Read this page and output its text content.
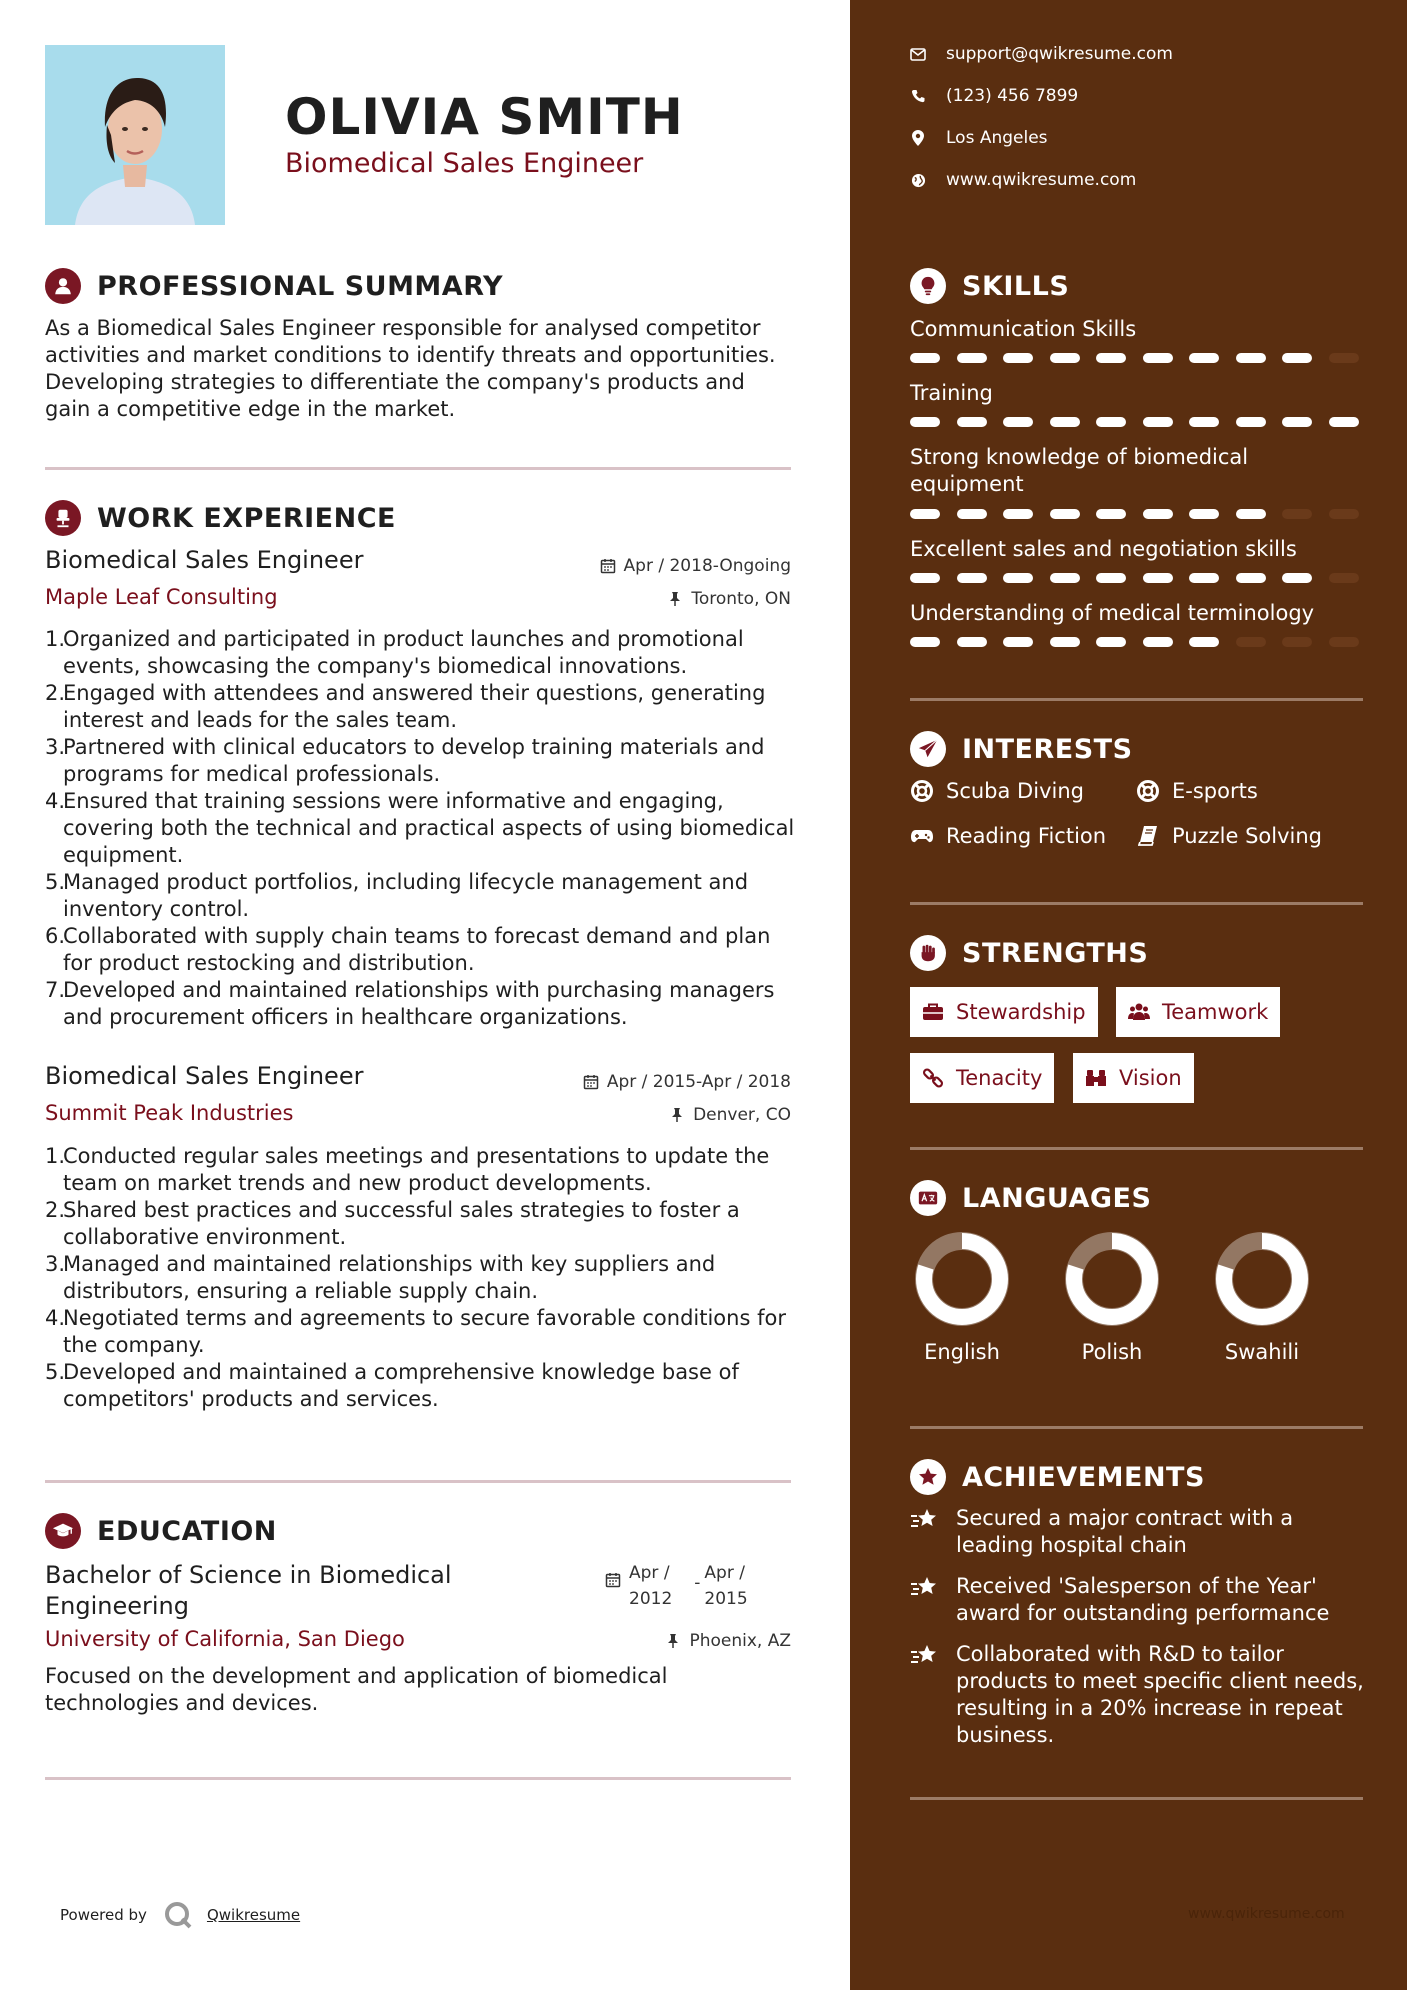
OLIVIA SMITH
Biomedical Sales Engineer
PROFESSIONAL SUMMARY
As a Biomedical Sales Engineer responsible for analysed competitor activities and market conditions to identify threats and opportunities. Developing strategies to differentiate the company's products and gain a competitive edge in the market.
WORK EXPERIENCE
Biomedical Sales Engineer	Apr / 2018-Ongoing
Maple Leaf Consulting	Toronto, ON
1.Organized and participated in product launches and promotional events, showcasing the company's biomedical innovations.
2.Engaged with attendees and answered their questions, generating interest and leads for the sales team.
3.Partnered with clinical educators to develop training materials and programs for medical professionals.
4.Ensured that training sessions were informative and engaging, covering both the technical and practical aspects of using biomedical equipment.
5.Managed product portfolios, including lifecycle management and inventory control.
6.Collaborated with supply chain teams to forecast demand and plan for product restocking and distribution.
7.Developed and maintained relationships with purchasing managers and procurement officers in healthcare organizations.
Biomedical Sales Engineer	Apr / 2015-Apr / 2018
Summit Peak Industries	Denver, CO
1.Conducted regular sales meetings and presentations to update the team on market trends and new product developments.
2.Shared best practices and successful sales strategies to foster a collaborative environment.
3.Managed and maintained relationships with key suppliers and distributors, ensuring a reliable supply chain.
4.Negotiated terms and agreements to secure favorable conditions for the company.
5.Developed and maintained a comprehensive knowledge base of competitors' products and services.
EDUCATION
Bachelor of Science in Biomedical Engineering
Apr /
2012
- Apr /
2015
University of California, San Diego	Phoenix, AZ
Focused on the development and application of biomedical technologies and devices.
Powered by	Qwikresume
support@qwikresume.com
(123) 456 7899
Los Angeles
www.qwikresume.com
SKILLS
Communication Skills
Training
Strong knowledge of biomedical equipment
Excellent sales and negotiation skills
Understanding of medical terminology
INTERESTS
Scuba Diving	E-sports
Reading Fiction	Puzzle Solving
STRENGTHS
Stewardship	Teamwork
Tenacity	Vision
LANGUAGES
English	Polish	Swahili
ACHIEVEMENTS
Secured a major contract with a leading hospital chain
Received 'Salesperson of the Year' award for outstanding performance
Collaborated with R&D to tailor products to meet specific client needs, resulting in a 20% increase in repeat business.
www.qwikresume.com
